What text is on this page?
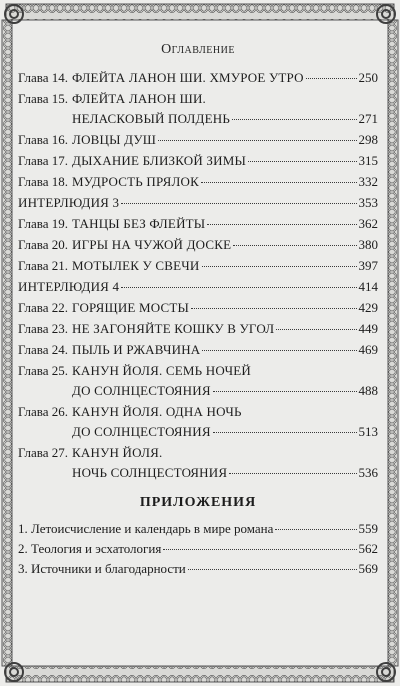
Оглавление
Глава 14. ФЛЕЙТА ЛАНОН ШИ. ХМУРОЕ УТРО	250
Глава 15. ФЛЕЙТА ЛАНОН ШИ.
НЕЛАСКОВЫЙ ПОЛДЕНЬ	271
Глава 16. ЛОВЦЫ ДУШ	298
Глава 17. ДЫХАНИЕ БЛИЗКОЙ ЗИМЫ	315
Глава 18. МУДРОСТЬ ПРЯЛОК	332
ИНТЕРЛЮДИЯ 3	353
Глава 19. ТАНЦЫ БЕЗ ФЛЕЙТЫ	362
Глава 20. ИГРЫ НА ЧУЖОЙ ДОСКЕ	380
Глава 21. МОТЫЛЕК У СВЕЧИ	397
ИНТЕРЛЮДИЯ 4	414
Глава 22. ГОРЯЩИЕ МОСТЫ	429
Глава 23. НЕ ЗАГОНЯЙТЕ КОШКУ В УГОЛ	449
Глава 24. ПЫЛЬ И РЖАВЧИНА	469
Глава 25. КАНУН ЙОЛЯ. СЕМЬ НОЧЕЙ
ДО СОЛНЦЕСТОЯНИЯ	488
Глава 26. КАНУН ЙОЛЯ. ОДНА НОЧЬ
ДО СОЛНЦЕСТОЯНИЯ	513
Глава 27. КАНУН ЙОЛЯ.
НОЧЬ СОЛНЦЕСТОЯНИЯ	536
ПРИЛОЖЕНИЯ
1. Летоисчисление и календарь в мире романа	559
2. Теология и эсхатология	562
3. Источники и благодарности	569
